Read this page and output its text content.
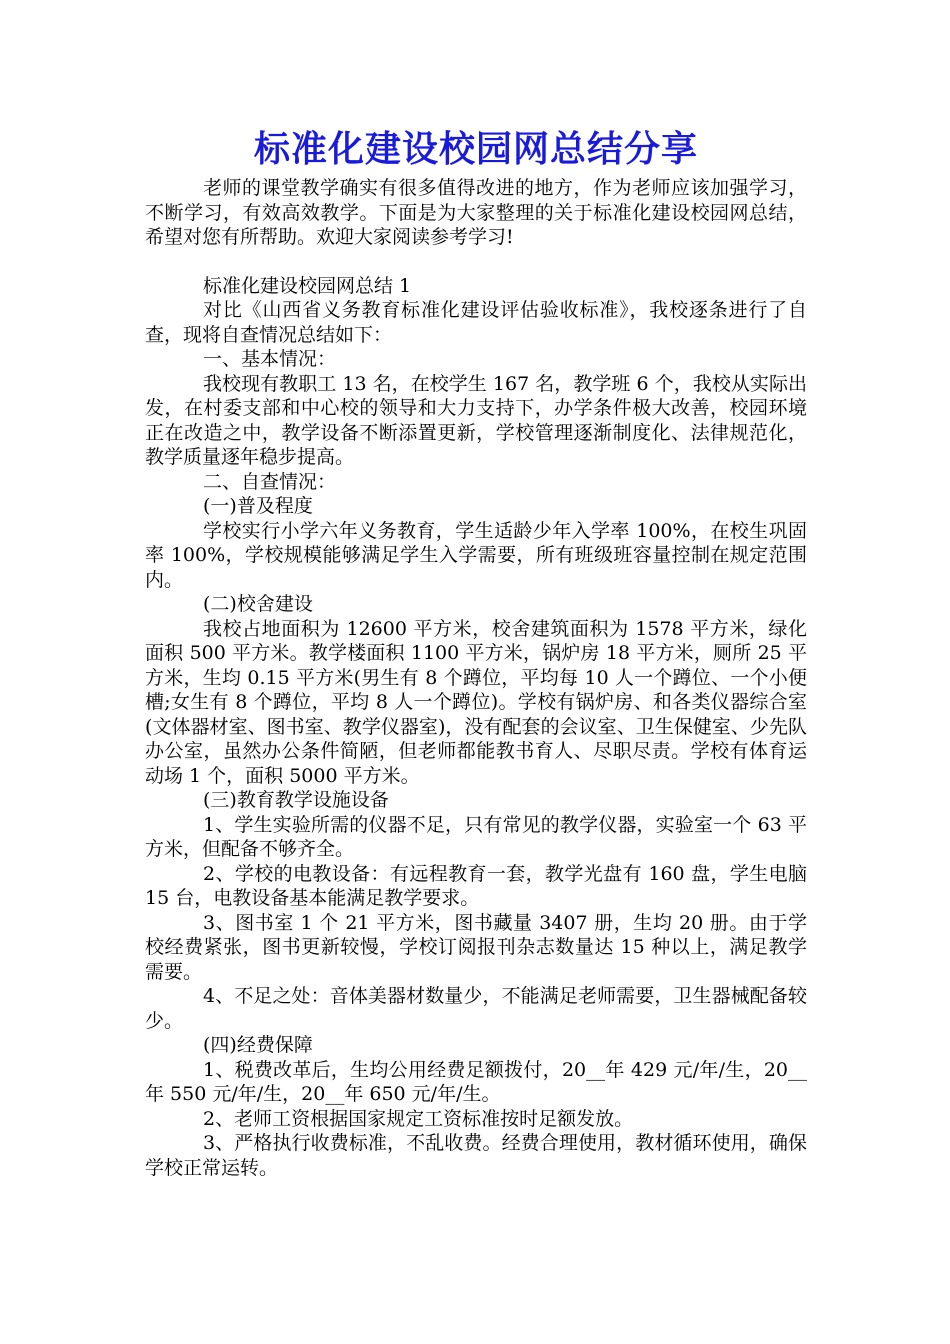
标准化建设校园网总结分享

老师的课堂教学确实有很多值得改进的地方，作为老师应该加强学习，不断学习，有效高效教学。下面是为大家整理的关于标准化建设校园网总结，希望对您有所帮助。欢迎大家阅读参考学习!

标准化建设校园网总结 1

对比《山西省义务教育标准化建设评估验收标准》，我校逐条进行了自查，现将自查情况总结如下：

一、基本情况：

我校现有教职工 13 名，在校学生 167 名，教学班 6 个，我校从实际出发，在村委支部和中心校的领导和大力支持下，办学条件极大改善，校园环境正在改造之中，教学设备不断添置更新，学校管理逐渐制度化、法律规范化，教学质量逐年稳步提高。

二、自查情况：

(一)普及程度

学校实行小学六年义务教育，学生适龄少年入学率 100%，在校生巩固率 100%，学校规模能够满足学生入学需要，所有班级班容量控制在规定范围内。

(二)校舍建设

我校占地面积为 12600 平方米，校舍建筑面积为 1578 平方米，绿化面积 500 平方米。教学楼面积 1100 平方米，锅炉房 18 平方米，厕所 25 平方米，生均 0.15 平方米(男生有 8 个蹲位，平均每 10 人一个蹲位、一个小便槽;女生有 8 个蹲位，平均 8 人一个蹲位)。学校有锅炉房、和各类仪器综合室(文体器材室、图书室、教学仪器室)，没有配套的会议室、卫生保健室、少先队办公室，虽然办公条件简陋，但老师都能教书育人、尽职尽责。学校有体育运动场 1 个，面积 5000 平方米。

(三)教育教学设施设备

1、学生实验所需的仪器不足，只有常见的教学仪器，实验室一个 63 平方米，但配备不够齐全。

2、学校的电教设备：有远程教育一套，教学光盘有 160 盘，学生电脑 15 台，电教设备基本能满足教学要求。

3、图书室 1 个 21 平方米，图书藏量 3407 册，生均 20 册。由于学校经费紧张，图书更新较慢，学校订阅报刊杂志数量达 15 种以上，满足教学需要。

4、不足之处：音体美器材数量少，不能满足老师需要，卫生器械配备较少。

(四)经费保障

1、税费改革后，生均公用经费足额拨付，20__年 429 元/年/生，20__年 550 元/年/生，20__年 650 元/年/生。

2、老师工资根据国家规定工资标准按时足额发放。

3、严格执行收费标准，不乱收费。经费合理使用，教材循环使用，确保学校正常运转。
